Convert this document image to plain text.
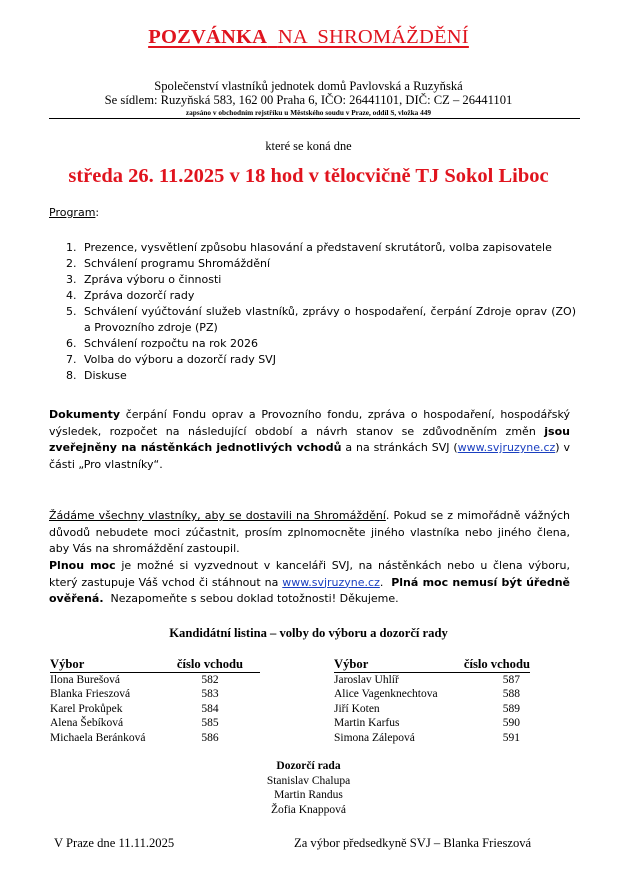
POZVÁNKA NA  SHROMÁŽDĚNÍ
Společenství vlastníků jednotek domů Pavlovská a Ruzyňská
Se sídlem: Ruzyňská 583, 162 00 Praha 6, IČO: 26441101, DIČ: CZ – 26441101
zapsáno v obchodním rejstříku u Městského soudu v Praze, oddíl S, vložka 449
které se koná dne
středa 26. 11.2025 v 18 hod v tělocvičně TJ Sokol Liboc
Program:
1. Prezence, vysvětlení způsobu hlasování a představení skrutátorů, volba zapisovatele
2. Schválení programu Shromáždění
3. Zpráva výboru o činnosti
4. Zpráva dozorčí rady
5. Schválení vyúčtování služeb vlastníků, zprávy o hospodaření, čerpání Zdroje oprav (ZO) a Provozního zdroje (PZ)
6. Schválení rozpočtu na rok 2026
7. Volba do výboru a dozorčí rady SVJ
8. Diskuse

Dokumenty čerpání Fondu oprav a Provozního fondu, zpráva o hospodaření, hospodářský výsledek, rozpočet na následující období a návrh stanov se zdůvodněním změn jsou zveřejněny na nástěnkách jednotlivých vchodů a na stránkách SVJ (www.svjruzyne.cz) v části „Pro vlastníky“.

Žádáme všechny vlastníky, aby se dostavili na Shromáždění. Pokud se z mimořádně vážných důvodů nebudete moci zúčastnit, prosím zplnomocněte jiného vlastníka nebo jiného člena, aby Vás na shromáždění zastoupil.

Plnou moc je možné si vyzvednout v kanceláři SVJ, na nástěnkách nebo u člena výboru, který zastupuje Váš vchod či stáhnout na www.svjruzyne.cz.  Plná moc nemusí být úředně ověřená.  Nezapomeňte s sebou doklad totožnosti! Děkujeme.

Kandidátní listina – volby do výboru a dozorčí rady
Výbor	číslo vchodu
Ilona Burešová	582
Blanka Frieszová	583
Karel Prokůpek	584
Alena Šebíková	585
Michaela Beránková	586
Výbor	číslo vchodu
Jaroslav Uhlíř	587
Alice Vagenknechtova	588
Jiří Koten	589
Martin Karfus	590
Simona Zálepová	591
Dozorčí rada
Stanislav Chalupa
Martin Randus
Žofia Knappová
V Praze dne 11.11.2025	Za výbor předsedkyně SVJ – Blanka Frieszová
